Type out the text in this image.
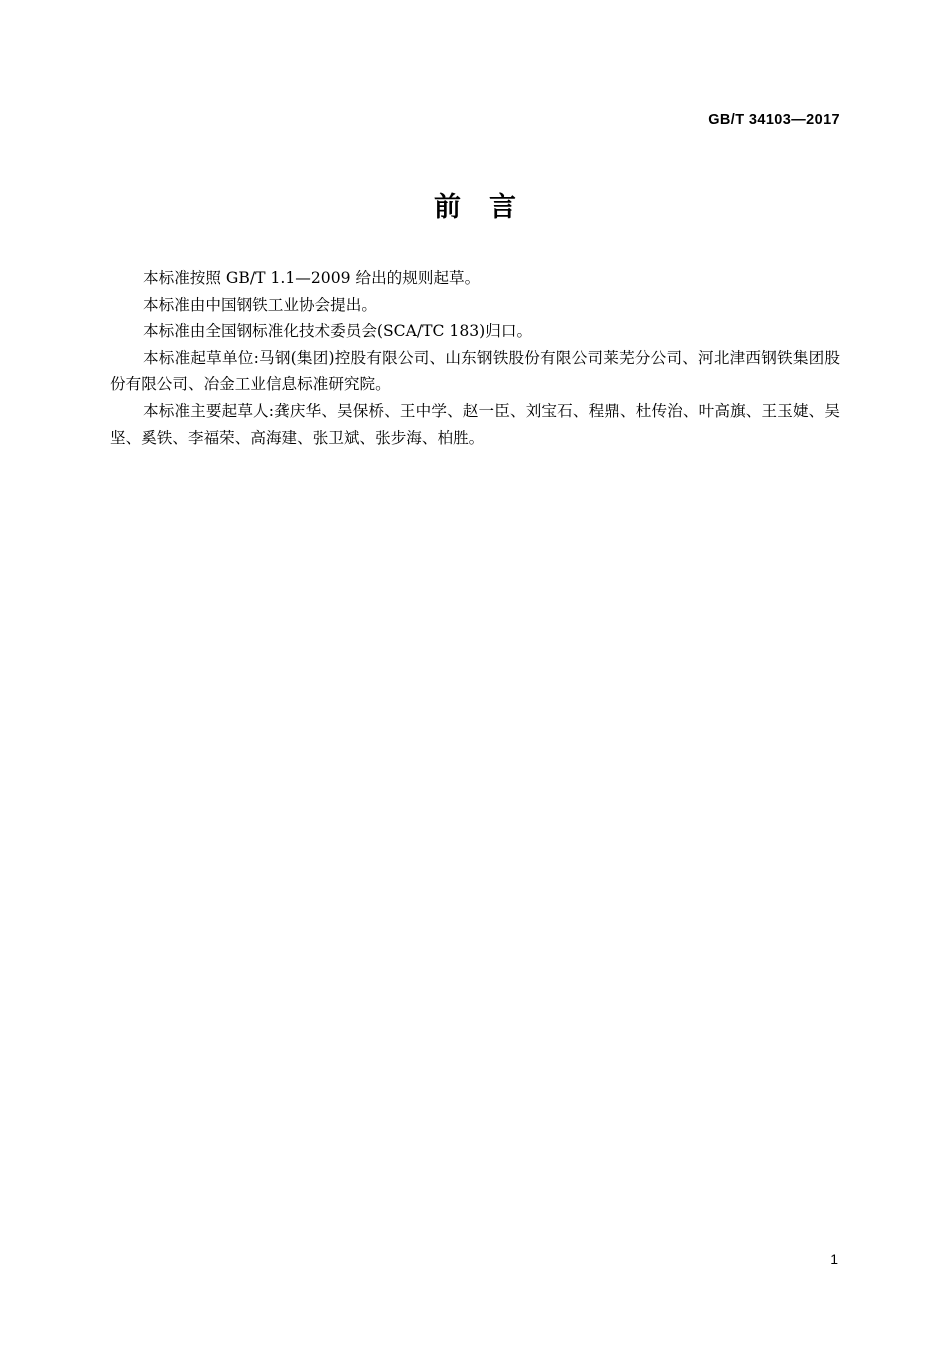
GB/T 34103—2017
前言

本标准按照 GB/T 1.1—2009 给出的规则起草。

本标准由中国钢铁工业协会提出。

本标准由全国钢标准化技术委员会(SCA/TC 183)归口。

本标准起草单位:马钢(集团)控股有限公司、山东钢铁股份有限公司莱芜分公司、河北津西钢铁集团股份有限公司、冶金工业信息标准研究院。

本标准主要起草人:龚庆华、吴保桥、王中学、赵一臣、刘宝石、程鼎、杜传治、叶高旗、王玉婕、吴坚、奚铁、李福荣、高海建、张卫斌、张步海、柏胜。

1
